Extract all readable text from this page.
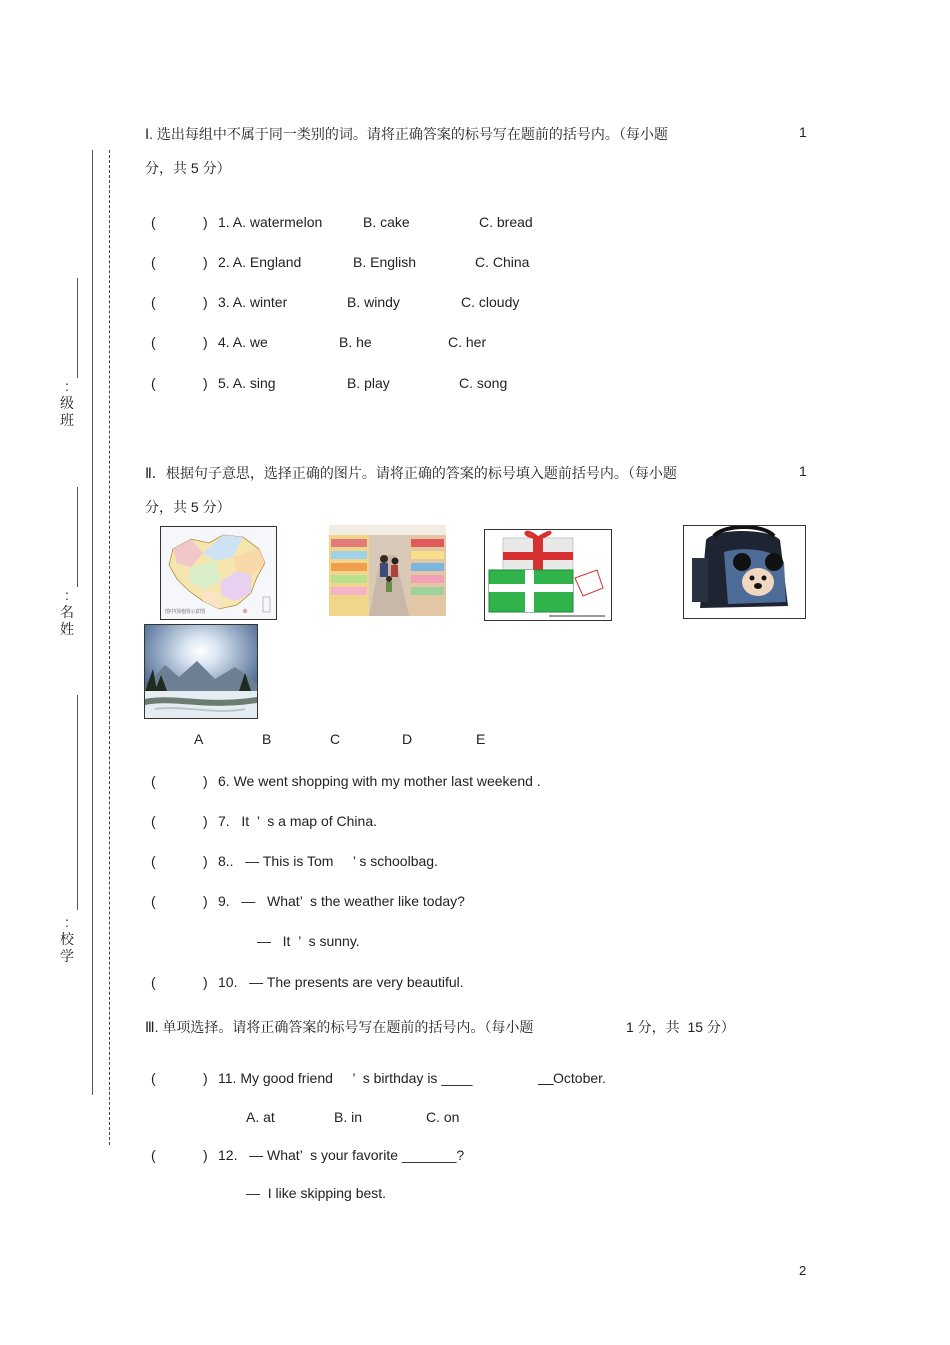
: 级 班
: 名 姓
: 校 学
Ⅰ. 选出每组中不属于同一类别的词。请将正确答案的标号写在题前的括号内。（每小题	1
分，共 5 分）
(	) 1. A. watermelon	B. cake	C. bread
(	) 2. A. England	B. English	C. China
(	) 3. A. winter	B. windy	C. cloudy
(	) 4. A. we	B. he	C. her
(	) 5. A. sing	B. play	C. song
Ⅱ．根据句子意思，选择正确的图片。请将正确的答案的标号填入题前括号内。（每小题	1
分，共 5 分）
图中国地图示意图
A	B	C	D	E
(	) 6. We went shopping with my mother last weekend .
(	) 7.   It  ’  s a map of China.
(	) 8..   — This is Tom     ’ s schoolbag.
(	) 9.   —   What’  s the weather like today?
—   It  ’  s sunny.
(	) 10.   — The presents are very beautiful.
Ⅲ. 单项选择。请将正确答案的标号写在题前的括号内。（每小题	1 分，共  15 分）
(	) 11. My good friend     ’  s birthday is ____
	October.
A. at	B. in	C. on
(	) 12.   — What’  s your favorite _______?
—  I like skipping best.
2
